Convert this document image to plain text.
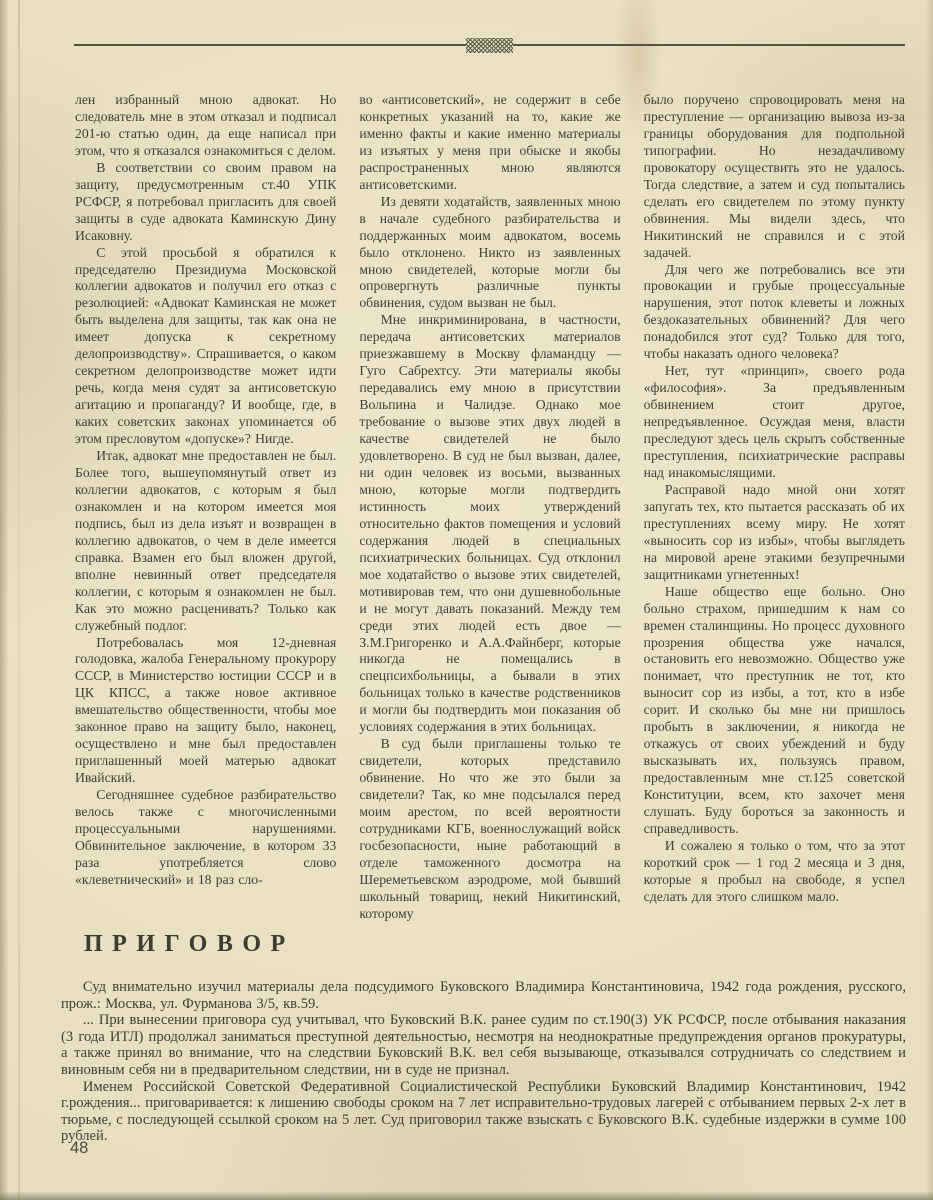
лен избранный мною адвокат. Но следователь мне в этом отказал и подписал 201-ю статью один, да еще написал при этом, что я отказался ознакомиться с делом.

В соответствии со своим правом на защиту, предусмотренным ст.40 УПК РСФСР, я потребовал пригласить для своей защиты в суде адвоката Каминскую Дину Исаковну.

С этой просьбой я обратился к председателю Президиума Московской коллегии адвокатов и получил его отказ с резолюцией: «Адвокат Каминская не может быть выделена для защиты, так как она не имеет допуска к секретному делопроизводству». Спрашивается, о каком секретном делопроизводстве может идти речь, когда меня судят за антисоветскую агитацию и пропаганду? И вообще, где, в каких советских законах упоминается об этом пресловутом «допуске»? Нигде.

Итак, адвокат мне предоставлен не был. Более того, вышеупомянутый ответ из коллегии адвокатов, с которым я был ознакомлен и на котором имеется моя подпись, был из дела изъят и возвращен в коллегию адвокатов, о чем в деле имеется справка. Взамен его был вложен другой, вполне невинный ответ председателя коллегии, с которым я ознакомлен не был. Как это можно расценивать? Только как служебный подлог.

Потребовалась моя 12-дневная голодовка, жалоба Генеральному прокурору СССР, в Министерство юстиции СССР и в ЦК КПСС, а также новое активное вмешательство общественности, чтобы мое законное право на защиту было, наконец, осуществлено и мне был предоставлен приглашенный моей матерью адвокат Ивайский.

Сегодняшнее судебное разбирательство велось также с многочисленными процессуальными нарушениями. Обвинительное заключение, в котором 33 раза употребляется слово «клеветнический» и 18 раз сло-

во «антисоветский», не содержит в себе конкретных указаний на то, какие же именно факты и какие именно материалы из изъятых у меня при обыске и якобы распространенных мною являются антисоветскими.

Из девяти ходатайств, заявленных мною в начале судебного разбирательства и поддержанных моим адвокатом, восемь было отклонено. Никто из заявленных мною свидетелей, которые могли бы опровергнуть различные пункты обвинения, судом вызван не был.

Мне инкриминирована, в частности, передача антисоветских материалов приезжавшему в Москву фламандцу — Гуго Сабрехтсу. Эти материалы якобы передавались ему мною в присутствии Вольпина и Чалидзе. Однако мое требование о вызове этих двух людей в качестве свидетелей не было удовлетворено. В суд не был вызван, далее, ни один человек из восьми, вызванных мною, которые могли подтвердить истинность моих утверждений относительно фактов помещения и условий содержания людей в специальных психиатрических больницах. Суд отклонил мое ходатайство о вызове этих свидетелей, мотивировав тем, что они душевнобольные и не могут давать показаний. Между тем среди этих людей есть двое — З.М.Григоренко и А.А.Файнберг, которые никогда не помещались в спецпсихбольницы, а бывали в этих больницах только в качестве родственников и могли бы подтвердить мои показания об условиях содержания в этих больницах.

В суд были приглашены только те свидетели, которых представило обвинение. Но что же это были за свидетели? Так, ко мне подсылался перед моим арестом, по всей вероятности сотрудниками КГБ, военнослужащий войск госбезопасности, ныне работающий в отделе таможенного досмотра на Шереметьевском аэродроме, мой бывший школьный товарищ, некий Никитинский, которому

было поручено спровоцировать меня на преступление — организацию вывоза из-за границы оборудования для подпольной типографии. Но незадачливому провокатору осуществить это не удалось. Тогда следствие, а затем и суд попытались сделать его свидетелем по этому пункту обвинения. Мы видели здесь, что Никитинский не справился и с этой задачей.

Для чего же потребовались все эти провокации и грубые процессуальные нарушения, этот поток клеветы и ложных бездоказательных обвинений? Для чего понадобился этот суд? Только для того, чтобы наказать одного человека?

Нет, тут «принцип», своего рода «философия». За предъявленным обвинением стоит другое, непредъявленное. Осуждая меня, власти преследуют здесь цель скрыть собственные преступления, психиатрические расправы над инакомыслящими.

Расправой надо мной они хотят запугать тех, кто пытается рассказать об их преступлениях всему миру. Не хотят «выносить сор из избы», чтобы выглядеть на мировой арене этакими безупречными защитниками угнетенных!

Наше общество еще больно. Оно больно страхом, пришедшим к нам со времен сталинщины. Но процесс духовного прозрения общества уже начался, остановить его невозможно. Общество уже понимает, что преступник не тот, кто выносит сор из избы, а тот, кто в избе сорит. И сколько бы мне ни пришлось пробыть в заключении, я никогда не откажусь от своих убеждений и буду высказывать их, пользуясь правом, предоставленным мне ст.125 советской Конституции, всем, кто захочет меня слушать. Буду бороться за законность и справедливость.

И сожалею я только о том, что за этот короткий срок — 1 год 2 месяца и 3 дня, которые я пробыл на свободе, я успел сделать для этого слишком мало.

ПРИГОВОР

Суд внимательно изучил материалы дела подсудимого Буковского Владимира Константиновича, 1942 года рождения, русского, прож.: Москва, ул. Фурманова 3/5, кв.59.

... При вынесении приговора суд учитывал, что Буковский В.К. ранее судим по ст.190(3) УК РСФСР, после отбывания наказания (3 года ИТЛ) продолжал заниматься преступной деятельностью, несмотря на неоднократные предупреждения органов прокуратуры, а также принял во внимание, что на следствии Буковский В.К. вел себя вызывающе, отказывался сотрудничать со следствием и виновным себя ни в предварительном следствии, ни в суде не признал.

Именем Российской Советской Федеративной Социалистической Республики Буковский Владимир Константинович, 1942 г.рождения... приговаривается: к лишению свободы сроком на 7 лет исправительно-трудовых лагерей с отбыванием первых 2-х лет в тюрьме, с последующей ссылкой сроком на 5 лет. Суд приговорил также взыскать с Буковского В.К. судебные издержки в сумме 100 рублей.

48
